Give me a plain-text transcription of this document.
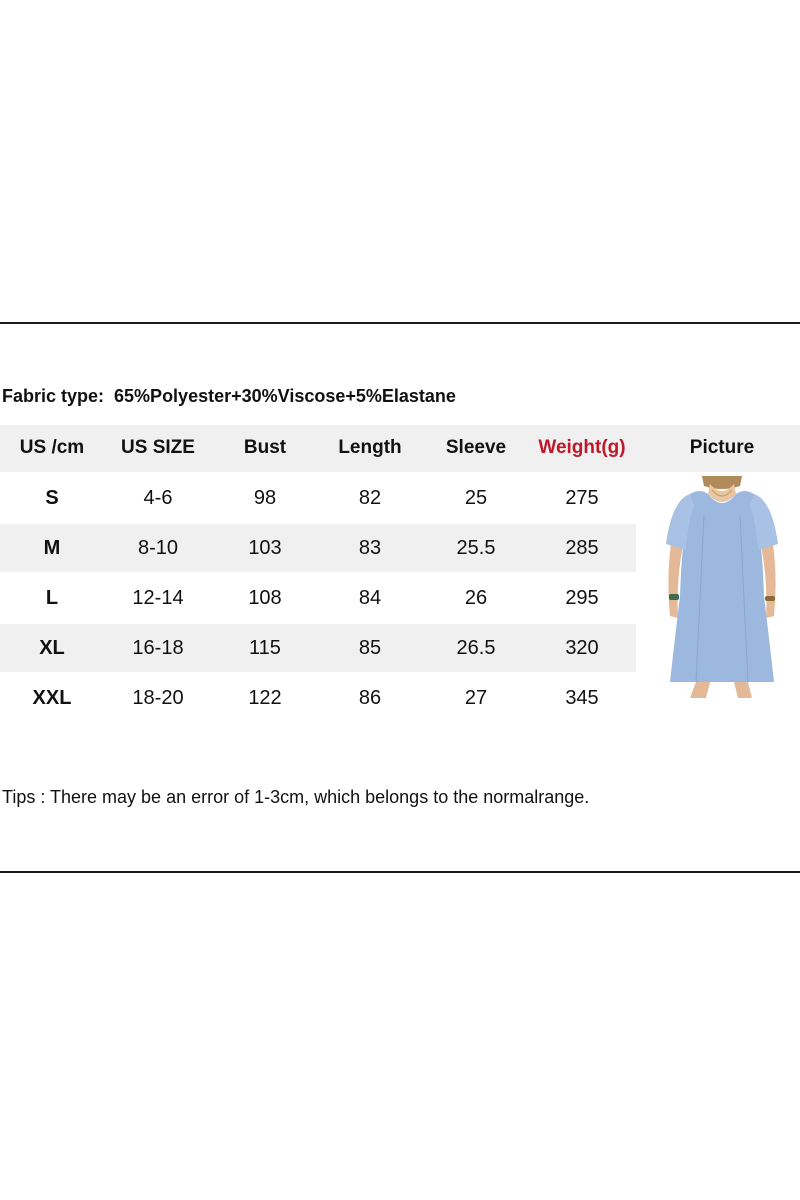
Fabric type: 65%Polyester+30%Viscose+5%Elastane
US /cm	US SIZE	Bust	Length	Sleeve	Weight(g)	Picture
S	4-6	98	82	25	275
M	8-10	103	83	25.5	285
L	12-14	108	84	26	295
XL	16-18	115	85	26.5	320
XXL	18-20	122	86	27	345
Tips : There may be an error of 1-3cm, which belongs to the normalrange.
